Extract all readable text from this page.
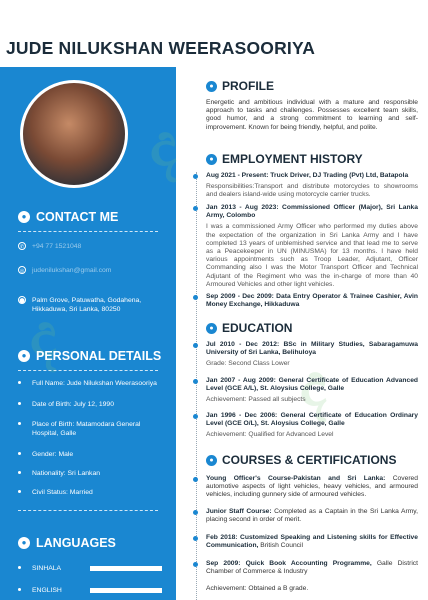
ද
ද
ද
JUDE NILUKSHAN WEERASOORIYA
● CONTACT ME
✆ +94 77 1521048
◎ judenilukshan@gmail.com
⬤ Palm Grove, Patuwatha, Godahena, Hikkaduwa, Sri Lanka, 80250
● PERSONAL DETAILS
Full Name: Jude Nilukshan Weerasooriya
Date of Birth: July 12, 1990
Place of Birth: Matamodara General Hospital, Galle
Gender: Male
Nationality: Sri Lankan
Civil Status: Married
● LANGUAGES
SINHALA
ENGLISH
● PROFILE
Energetic and ambitious individual with a mature and responsible approach to tasks and challenges. Possesses excellent team skills, good humor, and a strong commitment to learning and self-improvement. Known for being friendly, helpful, and polite.
● EMPLOYMENT HISTORY
Aug 2021 - Present: Truck Driver, DJ Trading (Pvt) Ltd, Batapola
Responsibilities:Transport and distribute motorcycles to showrooms and dealers island-wide using motorcycle carrier trucks.
Jan 2013 - Aug 2023: Commissioned Officer (Major), Sri Lanka Army, Colombo
I was a commissioned Army Officer who performed my duties above the expectation of the organization in Sri Lanka Army and I have completed 13 years of unblemished service and that lead me to serve as a Peacekeeper in UN (MINUSMA) for 13 months. I have held various appointments such as Troop Leader, Adjutant, Officer Commanding also I was the Motor Transport Officer and Technical Adjutant of the Regiment who was the in-charge of more than 40 Armoured Vehicles and other light vehicles.
Sep 2009 - Dec 2009: Data Entry Operator & Trainee Cashier, Avin Money Exchange, Hikkaduwa
● EDUCATION
Jul 2010 - Dec 2012: BSc in Military Studies, Sabaragamuwa University of Sri Lanka, Belihuloya
Grade: Second Class Lower
Jan 2007 - Aug 2009: General Certificate of Education Advanced Level (GCE A/L), St. Aloysius College, Galle
Achievement: Passed all subjects
Jan 1996 - Dec 2006: General Certificate of Education Ordinary Level (GCE O/L), St. Aloysius College, Galle
Achievement: Qualified for Advanced Level
● COURSES & CERTIFICATIONS
Young Officer's Course-Pakistan and Sri Lanka: Covered automotive aspects of light vehicles, heavy vehicles, and armoured vehicles, including gunnery side of armoured vehicles.
Junior Staff Course: Completed as a Captain in the Sri Lanka Army, placing second in order of merit.
Feb 2018: Customized Speaking and Listening skills for Effective Communication, British Council
Sep 2009: Quick Book Accounting Programme, Galle District Chamber of Commerce & Industry
Achievement: Obtained a B grade.
